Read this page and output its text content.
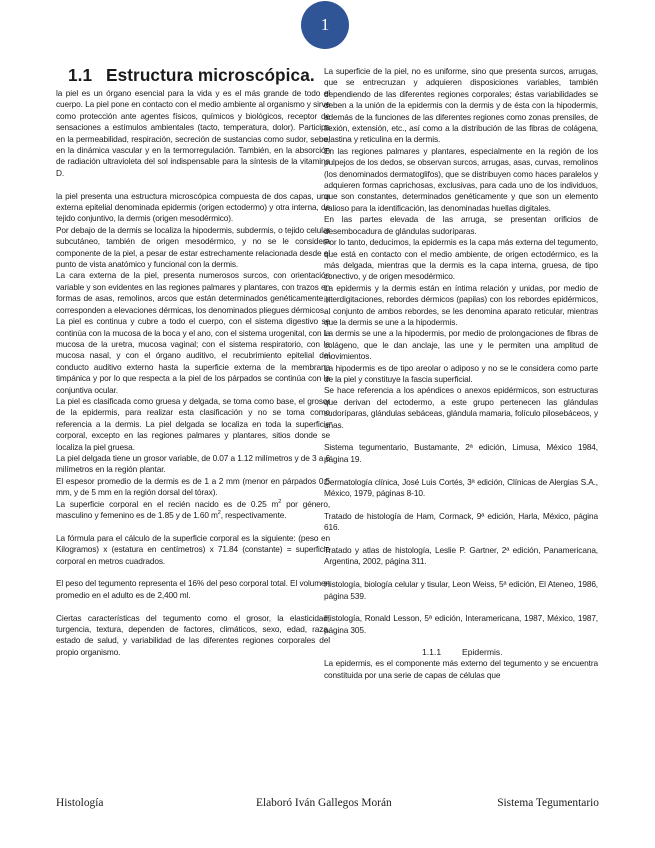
1
1.1 Estructura microscópica.

la piel es un órgano esencial para la vida y es el más grande de todo el cuerpo. La piel pone en contacto con el medio ambiente al organismo y sirve como protección ante agentes físicos, químicos y biológicos, receptor de sensaciones a estímulos ambientales (tacto, temperatura, dolor). Participa en la permeabilidad, respiración, secreción de sustancias como sudor, sebo, en la dinámica vascular y en la termorregulación. También, en la absorción de radiación ultravioleta del sol indispensable para la síntesis de la vitamina D.

la piel presenta una estructura microscópica compuesta de dos capas, una externa epitelial denominada epidermis (origen ectodermo) y otra interna, de tejido conjuntivo, la dermis (origen mesodérmico).

Por debajo de la dermis se localiza la hipodermis, subdermis, o tejido celular subcutáneo, también de origen mesodérmico, y no se le considera componente de la piel, a pesar de estar estrechamente relacionada desde el punto de vista anatómico y funcional con la dermis.

La cara externa de la piel, presenta numerosos surcos, con orientación variable y son evidentes en las regiones palmares y plantares, con trazos en formas de asas, remolinos, arcos que están determinados genéticamente y corresponden a elevaciones dérmicas, los denominados pliegues dérmicos.

La piel es continua y cubre a todo el cuerpo, con el sistema digestivo se continúa con la mucosa de la boca y el ano, con el sistema urogenital, con la mucosa de la uretra, mucosa vaginal; con el sistema respiratorio, con la mucosa nasal, y con el órgano auditivo, el recubrimiento epitelial del conducto auditivo externo hasta la superficie externa de la membrana timpánica y por lo que respecta a la piel de los párpados se continúa con la conjuntiva ocular.

La piel es clasificada como gruesa y delgada, se toma como base, el grosor de la epidermis, para realizar esta clasificación y no se toma como referencia a la dermis. La piel delgada se localiza en toda la superficie corporal, excepto en las regiones palmares y plantares, sitios donde se localiza la piel gruesa.

La piel delgada tiene un grosor variable, de 0.07 a 1.12 milímetros y de 3 a 6 milímetros en la región plantar.

El espesor promedio de la dermis es de 1 a 2 mm (menor en párpados 0.5 mm, y de 5 mm en la región dorsal del tórax).

La superficie corporal en el recién nacido es de 0.25 $m^2$ por género, masculino y femenino es de 1.85 y de 1.60 $m^2$, respectivamente.

La fórmula para el cálculo de la superficie corporal es la siguiente: (peso en Kilogramos) x (estatura en centímetros) x 71.84 (constante) = superficie corporal en metros cuadrados.

El peso del tegumento representa el 16% del peso corporal total. El volumen promedio en el adulto es de 2,400 ml.

Ciertas características del tegumento como el grosor, la elasticidad, turgencia, textura, dependen de factores, climáticos, sexo, edad, raza, estado de salud, y variabilidad de las diferentes regiones corporales del propio organismo.

La superficie de la piel, no es uniforme, sino que presenta surcos, arrugas, que se entrecruzan y adquieren disposiciones variables, también dependiendo de las diferentes regiones corporales; éstas variabilidades se deben a la unión de la epidermis con la dermis y de ésta con la hipodermis, además de la funciones de las diferentes regiones como zonas prensiles, de flexión, extensión, etc., así como a la distribución de las fibras de colágena, elastina y reticulina en la dermis.

En las regiones palmares y plantares, especialmente en la región de los pulpejos de los dedos, se observan surcos, arrugas, asas, curvas, remolinos (los denominados dermatoglifos), que se distribuyen como haces paralelos y adquieren formas caprichosas, exclusivas, para cada uno de los individuos, que son constantes, determinados genéticamente y que son un elemento valioso para la identificación, las denominadas huellas digitales.

En las partes elevada de las arruga, se presentan orificios de desembocadura de glándulas sudoríparas.

Por lo tanto, deducimos, la epidermis es la capa más externa del tegumento, que está en contacto con el medio ambiente, de origen ectodérmico, es la más delgada, mientras que la dermis es la capa interna, gruesa, de tipo conectivo, y de origen mesodérmico.

La epidermis y la dermis están en íntima relación y unidas, por medio de interdigitaciones, rebordes dérmicos (papilas) con los rebordes epidérmicos, al conjunto de ambos rebordes, se les denomina aparato reticular, mientras que la dermis se une a la hipodermis.

La dermis se une a la hipodermis, por medio de prolongaciones de fibras de colágeno, que le dan anclaje, las une y le permiten una amplitud de movimientos.

La hipodermis es de tipo areolar o adiposo y no se le considera como parte de la piel y constituye la fascia superficial.

Se hace referencia a los apéndices o anexos epidérmicos, son estructuras que derivan del ectodermo, a este grupo pertenecen las glándulas sudoríparas, glándulas sebáceas, glándula mamaria, folículo pilosebáceos, y uñas.

Sistema tegumentario, Bustamante, 2ª edición, Limusa, México 1984, página 19.

Dermatología clínica, José Luis Cortés, 3ª edición, Clínicas de Alergias S.A., México, 1979, páginas 8-10.

Tratado de histología de Ham, Cormack, 9ª edición, Harla, México, página 616.

Tratado y atlas de histología, Leslie P. Gartner, 2ª edición, Panamericana, Argentina, 2002, página 311.

Histología, biología celular y tisular, Leon Weiss, 5ª edición, El Ateneo, 1986, página 539.

Histología, Ronald Lesson, 5ª edición, Interamericana, 1987, México, 1987, página 305.

1.1.1 Epidermis.

La epidermis, es el componente más externo del tegumento y se encuentra constituida por una serie de capas de células que

Histología	Elaboró Iván Gallegos Morán	Sistema Tegumentario
